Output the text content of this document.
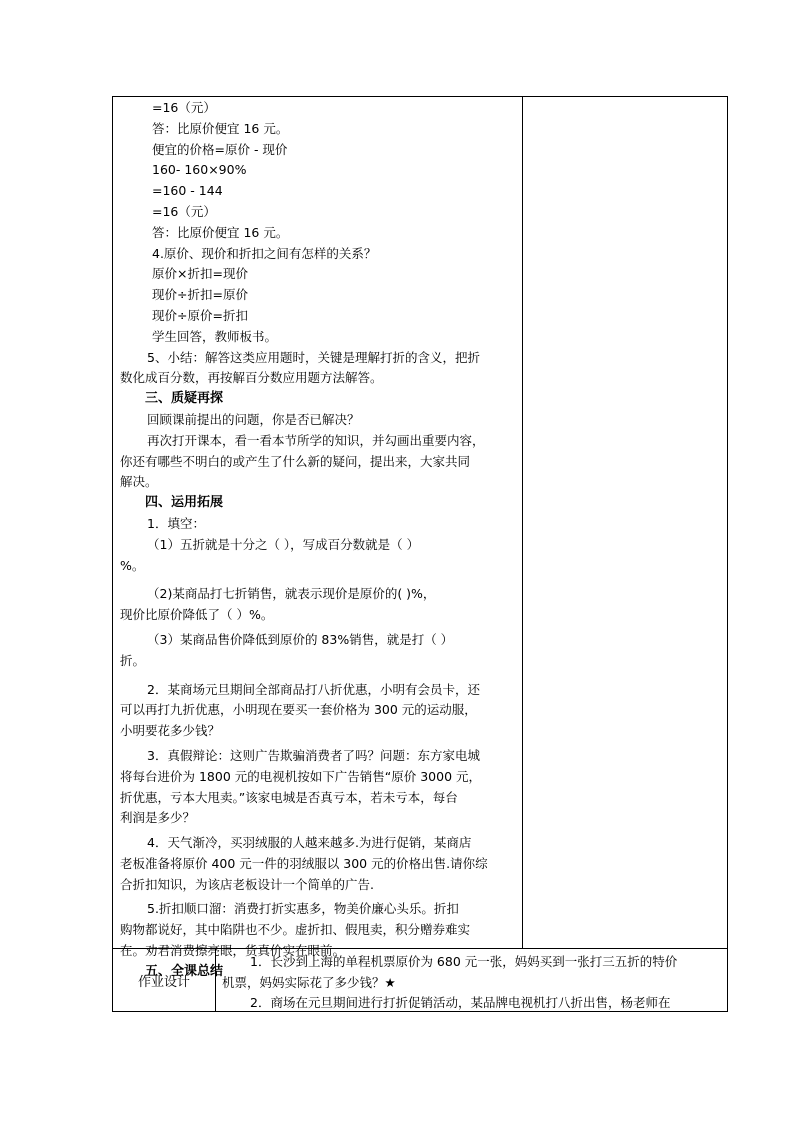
=16（元）

答：比原价便宜 16 元。

便宜的价格=原价 - 现价

160- 160×90%

=160 - 144

=16（元）

答：比原价便宜 16 元。

4.原价、现价和折扣之间有怎样的关系？

原价×折扣=现价

现价÷折扣=原价

现价÷原价=折扣

学生回答，教师板书。

5、小结：解答这类应用题时，关键是理解打折的含义，把折

数化成百分数，再按解百分数应用题方法解答。

三、质疑再探

回顾课前提出的问题，你是否已解决？

再次打开课本，看一看本节所学的知识，并勾画出重要内容，

你还有哪些不明白的或产生了什么新的疑问，提出来，大家共同

解决。

四、运用拓展

1．填空：

（1）五折就是十分之（ ），写成百分数就是（ ）

%。

（2)某商品打七折销售，就表示现价是原价的( )%，

现价比原价降低了（ ）%。

（3）某商品售价降低到原价的 83%销售，就是打（ ）

折。

2．某商场元旦期间全部商品打八折优惠，小明有会员卡，还

可以再打九折优惠，小明现在要买一套价格为 300 元的运动服，

小明要花多少钱？

3．真假辩论：这则广告欺骗消费者了吗？问题：东方家电城

将每台进价为 1800 元的电视机按如下广告销售“原价 3000 元，

折优惠，亏本大甩卖。”该家电城是否真亏本，若未亏本，每台

利润是多少？

4．天气渐冷，买羽绒服的人越来越多.为进行促销，某商店

老板准备将原价 400 元一件的羽绒服以 300 元的价格出售.请你综

合折扣知识，为该店老板设计一个简单的广告.

5.折扣顺口溜：消费打折实惠多，物美价廉心头乐。折扣

购物都说好，其中陷阱也不少。虚折扣、假甩卖，积分赠券难实

在。劝君消费擦亮眼，货真价实在眼前。

五、全课总结

作业设计

1．长沙到上海的单程机票原价为 680 元一张，妈妈买到一张打三五折的特价

机票，妈妈实际花了多少钱？★

2．商场在元旦期间进行打折促销活动，某品牌电视机打八折出售，杨老师在
